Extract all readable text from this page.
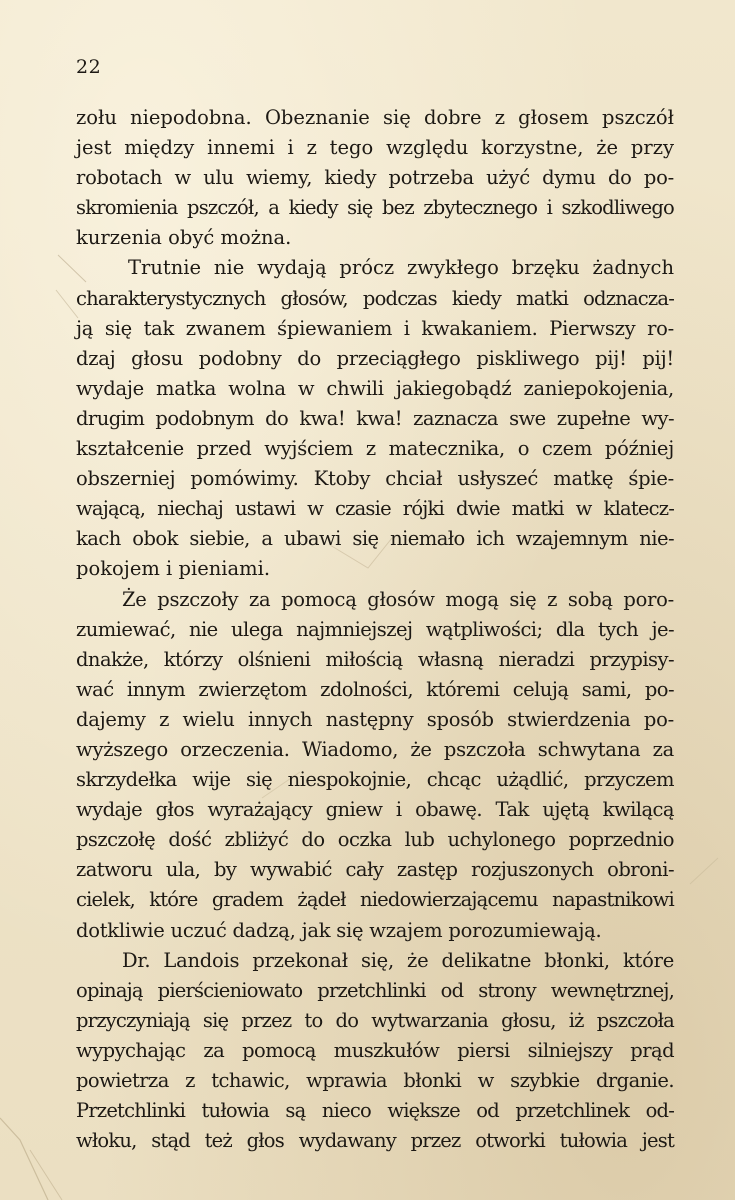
22
zołu niepodobna. Obeznanie się dobre z głosem pszczół
jest między innemi i z tego względu korzystne, że przy
robotach w ulu wiemy, kiedy potrzeba użyć dymu do po-
skromienia pszczół, a kiedy się bez zbytecznego i szkodliwego
kurzenia obyć można.
Trutnie nie wydają prócz zwykłego brzęku żadnych
charakterystycznych głosów, podczas kiedy matki odznacza-
ją się tak zwanem śpiewaniem i kwakaniem. Pierwszy ro-
dzaj głosu podobny do przeciągłego piskliwego pij! pij!
wydaje matka wolna w chwili jakiegobądź zaniepokojenia,
drugim podobnym do kwa! kwa! zaznacza swe zupełne wy-
kształcenie przed wyjściem z matecznika, o czem później
obszerniej pomówimy. Ktoby chciał usłyszeć matkę śpie-
wającą, niechaj ustawi w czasie rójki dwie matki w klatecz-
kach obok siebie, a ubawi się niemało ich wzajemnym nie-
pokojem i pieniami.
Że pszczoły za pomocą głosów mogą się z sobą poro-
zumiewać, nie ulega najmniejszej wątpliwości; dla tych je-
dnakże, którzy olśnieni miłością własną nieradzi przypisy-
wać innym zwierzętom zdolności, któremi celują sami, po-
dajemy z wielu innych następny sposób stwierdzenia po-
wyższego orzeczenia. Wiadomo, że pszczoła schwytana za
skrzydełka wije się niespokojnie, chcąc użądlić, przyczem
wydaje głos wyrażający gniew i obawę. Tak ujętą kwilącą
pszczołę dość zbliżyć do oczka lub uchylonego poprzednio
zatworu ula, by wywabić cały zastęp rozjuszonych obroni-
cielek, które gradem żądeł niedowierzającemu napastnikowi
dotkliwie uczuć dadzą, jak się wzajem porozumiewają.
Dr. Landois przekonał się, że delikatne błonki, które
opinają pierścieniowato przetchlinki od strony wewnętrznej,
przyczyniają się przez to do wytwarzania głosu, iż pszczoła
wypychając za pomocą muszkułów piersi silniejszy prąd
powietrza z tchawic, wprawia błonki w szybkie drganie.
Przetchlinki tułowia są nieco większe od przetchlinek od-
włoku, stąd też głos wydawany przez otworki tułowia jest
